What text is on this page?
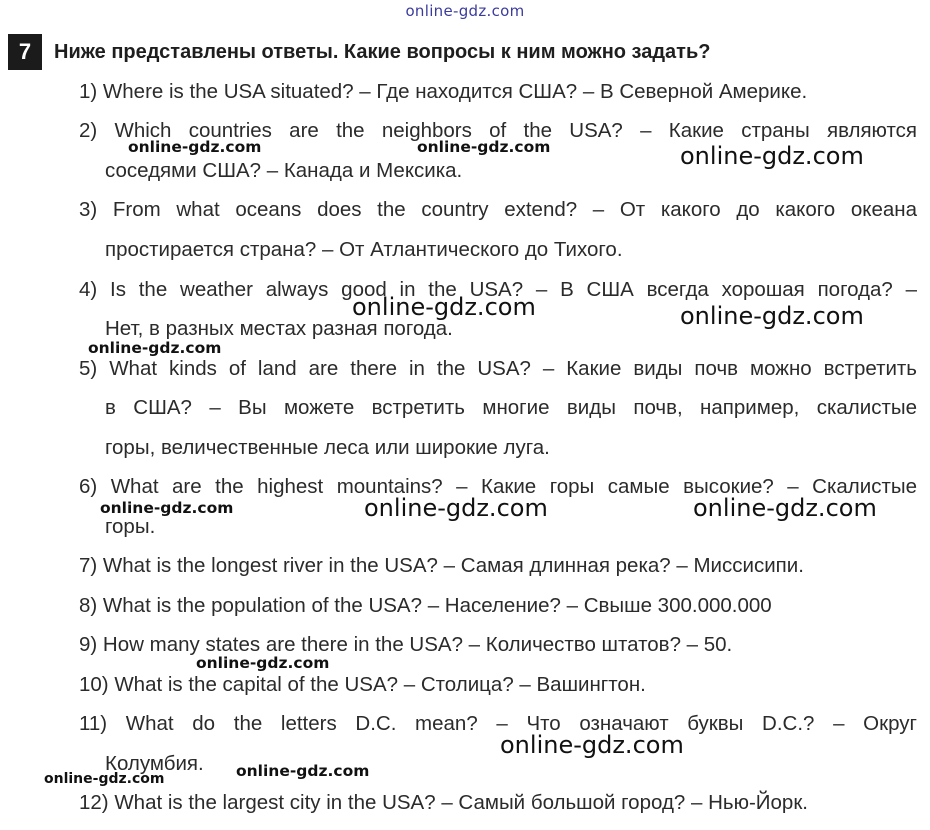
online-gdz.com
7	Ниже представлены ответы. Какие вопросы к ним можно задать?
1) Where is the USA situated? – Где находится США? – В Северной Америке.
2) Which countries are the neighbors of the USA? – Какие страны являются
соседями США? – Канада и Мексика.
3) From what oceans does the country extend? – От какого до какого океана
простирается страна? – От Атлантического до Тихого.
4) Is the weather always good in the USA? – В США всегда хорошая погода? –
Нет, в разных местах разная погода.
5) What kinds of land are there in the USA? – Какие виды почв можно встретить
в США? – Вы можете встретить многие виды почв, например, скалистые
горы, величественные леса или широкие луга.
6) What are the highest mountains? – Какие горы самые высокие? – Скалистые
горы.
7) What is the longest river in the USA? – Самая длинная река? – Миссисипи.
8) What is the population of the USA? – Население? – Свыше 300.000.000
9) How many states are there in the USA? – Количество штатов? – 50.
10) What is the capital of the USA? – Столица? – Вашингтон.
11) What do the letters D.C. mean? – Что означают буквы D.C.? – Округ
Колумбия.
12) What is the largest city in the USA? – Самый большой город? – Нью-Йорк.
online-gdz.com	online-gdz.com	online-gdz.com
online-gdz.com	online-gdz.com
online-gdz.com
online-gdz.com	online-gdz.com
online-gdz.com
online-gdz.com
online-gdz.com
online-gdz.com
online-gdz.com
